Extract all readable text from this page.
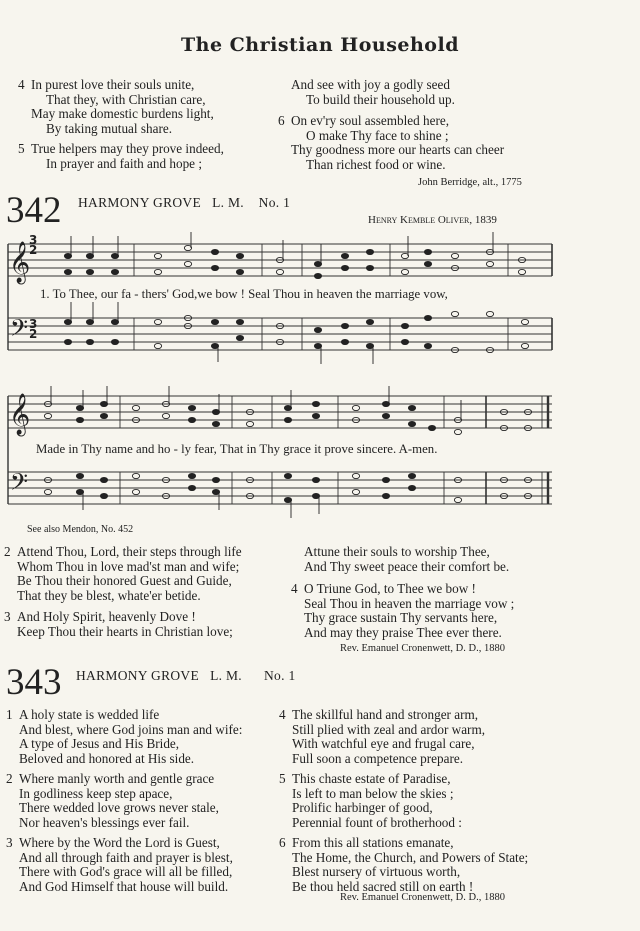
The Christian Household
4 In purest love their souls unite,
That they, with Christian care,
May make domestic burdens light,
By taking mutual share.
5 True helpers may they prove indeed,
In prayer and faith and hope ;
And see with joy a godly seed
To build their household up.
6 On ev'ry soul assembled here,
O make Thy face to shine ;
Thy goodness more our hearts can cheer
Than richest food or wine.
John Berridge, alt., 1775
342 HARMONY GROVE L. M. No. 1
Henry Kemble Oliver, 1839
𝄞
𝄢
3
2
3
2
1. To Thee, our fa - thers' God,we bow ! Seal Thou in heaven the marriage vow,
𝄞
𝄢
Made in Thy name and ho - ly fear, That in Thy grace it prove sincere. A-men.
See also Mendon, No. 452
2 Attend Thou, Lord, their steps through life
Whom Thou in love mad'st man and wife;
Be Thou their honored Guest and Guide,
That they be blest, whate'er betide.
3 And Holy Spirit, heavenly Dove !
Keep Thou their hearts in Christian love;
Attune their souls to worship Thee,
And Thy sweet peace their comfort be.
4 O Triune God, to Thee we bow !
Seal Thou in heaven the marriage vow ;
Thy grace sustain Thy servants here,
And may they praise Thee ever there.
Rev. Emanuel Cronenwett, D. D., 1880
343 HARMONY GROVE L. M. No. 1
1 A holy state is wedded life
And blest, where God joins man and wife:
A type of Jesus and His Bride,
Beloved and honored at His side.
2 Where manly worth and gentle grace
In godliness keep step apace,
There wedded love grows never stale,
Nor heaven's blessings ever fail.
3 Where by the Word the Lord is Guest,
And all through faith and prayer is blest,
There with God's grace will all be filled,
And God Himself that house will build.
4 The skillful hand and stronger arm,
Still plied with zeal and ardor warm,
With watchful eye and frugal care,
Full soon a competence prepare.
5 This chaste estate of Paradise,
Is left to man below the skies ;
Prolific harbinger of good,
Perennial fount of brotherhood :
6 From this all stations emanate,
The Home, the Church, and Powers of State;
Blest nursery of virtuous worth,
Be thou held sacred still on earth !
Rev. Emanuel Cronenwett, D. D., 1880
